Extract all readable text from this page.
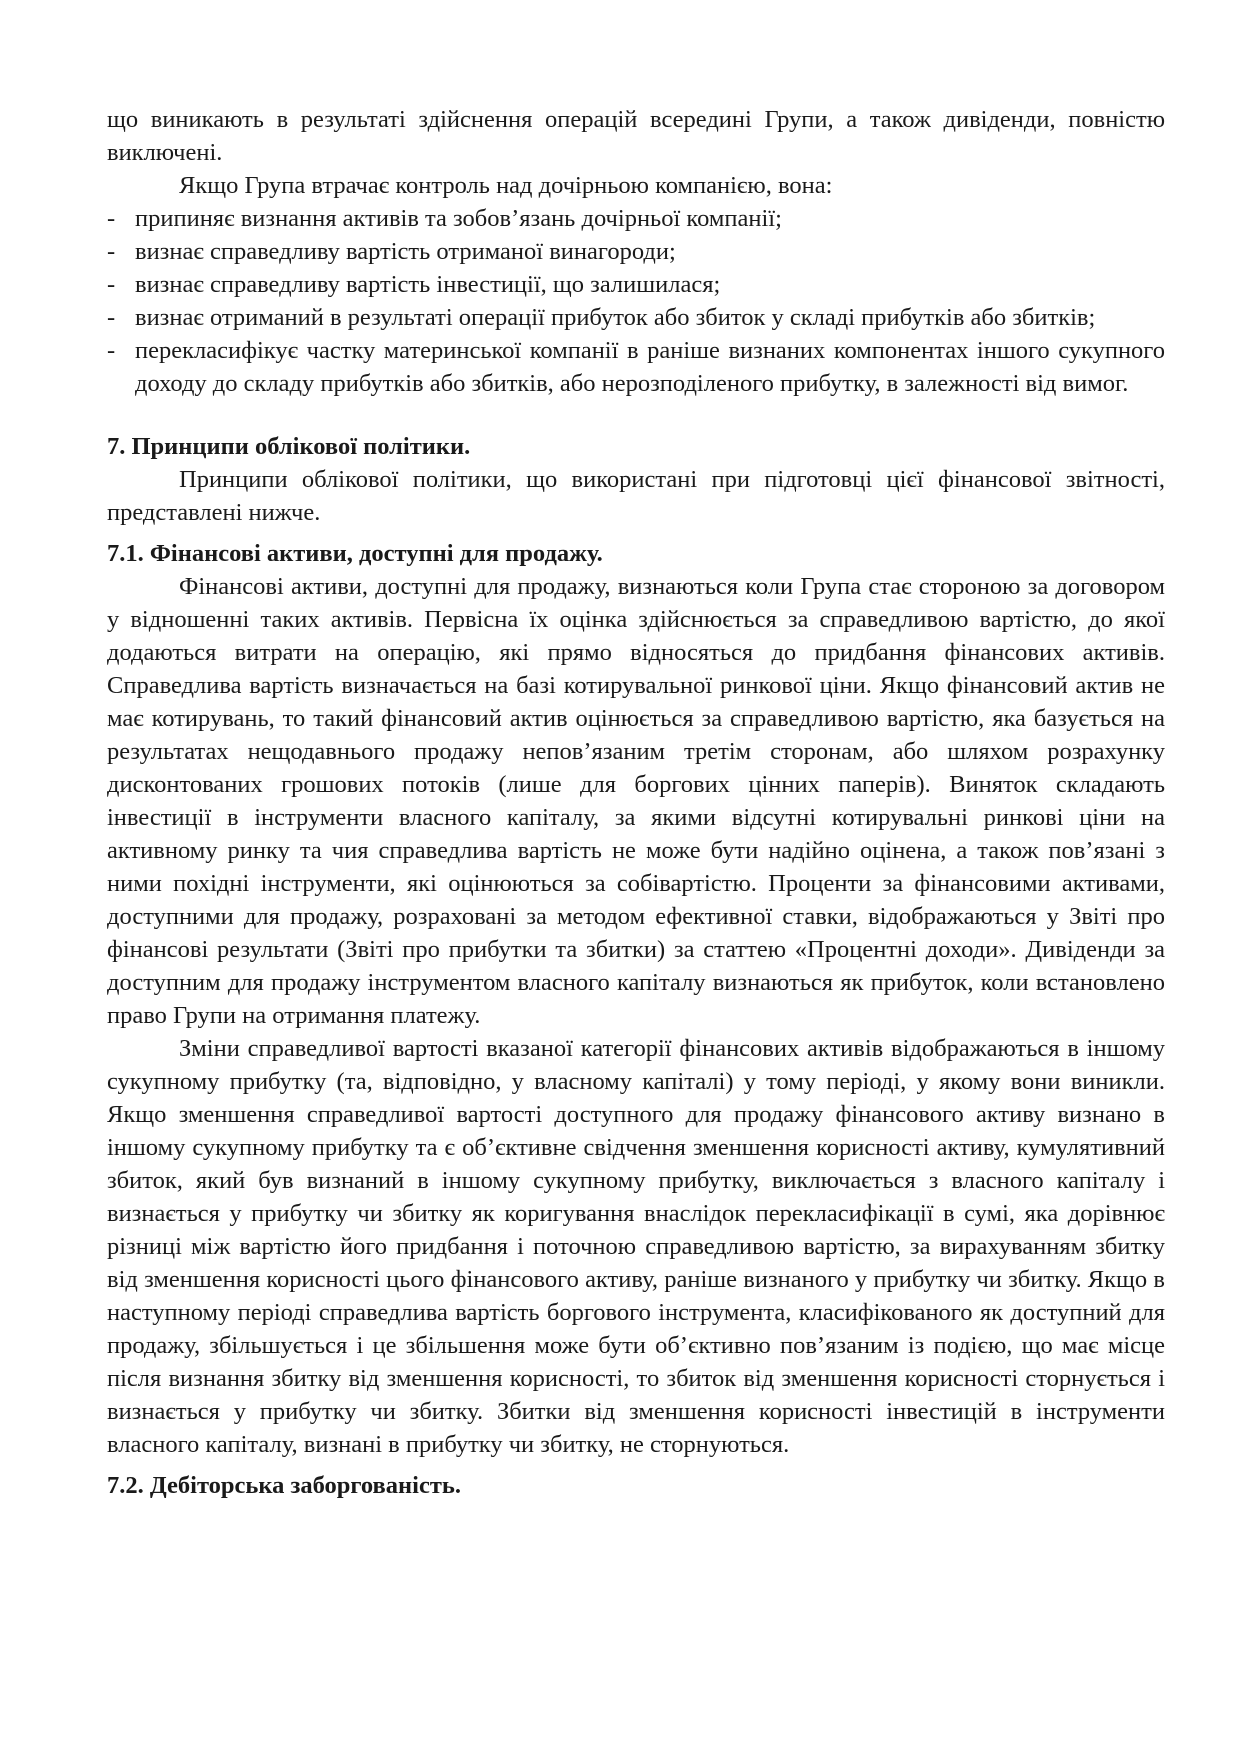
що виникають в результаті здійснення операцій всередині Групи, а також дивіденди, повністю виключені.

Якщо Група втрачає контроль над дочірньою компанією, вона:

- припиняє визнання активів та зобов’язань дочірньої компанії;
- визнає справедливу вартість отриманої винагороди;
- визнає справедливу вартість інвестиції, що залишилася;
- визнає отриманий в результаті операції прибуток або збиток у складі прибутків або збитків;
- перекласифікує частку материнської компанії в раніше визнаних компонентах іншого сукупного доходу до складу прибутків або збитків, або нерозподіленого прибутку, в залежності від вимог.
7. Принципи облікової політики.

Принципи облікової політики, що використані при підготовці цієї фінансової звітності, представлені нижче.

7.1. Фінансові активи, доступні для продажу.

Фінансові активи, доступні для продажу, визнаються коли Група стає стороною за договором у відношенні таких активів. Первісна їх оцінка здійснюється за справедливою вартістю, до якої додаються витрати на операцію, які прямо відносяться до придбання фінансових активів. Справедлива вартість визначається на базі котирувальної ринкової ціни. Якщо фінансовий актив не має котирувань, то такий фінансовий актив оцінюється за справедливою вартістю, яка базується на результатах нещодавнього продажу непов’язаним третім сторонам, або шляхом розрахунку дисконтованих грошових потоків (лише для боргових цінних паперів). Виняток складають інвестиції в інструменти власного капіталу, за якими відсутні котирувальні ринкові ціни на активному ринку та чия справедлива вартість не може бути надійно оцінена, а також пов’язані з ними похідні інструменти, які оцінюються за собівартістю. Проценти за фінансовими активами, доступними для продажу, розраховані за методом ефективної ставки, відображаються у Звіті про фінансові результати (Звіті про прибутки та збитки) за статтею «Процентні доходи». Дивіденди за доступним для продажу інструментом власного капіталу визнаються як прибуток, коли встановлено право Групи на отримання платежу.

Зміни справедливої вартості вказаної категорії фінансових активів відображаються в іншому сукупному прибутку (та, відповідно, у власному капіталі) у тому періоді, у якому вони виникли. Якщо зменшення справедливої вартості доступного для продажу фінансового активу визнано в іншому сукупному прибутку та є об’єктивне свідчення зменшення корисності активу, кумулятивний збиток, який був визнаний в іншому сукупному прибутку, виключається з власного капіталу і визнається у прибутку чи збитку як коригування внаслідок перекласифікації в сумі, яка дорівнює різниці між вартістю його придбання і поточною справедливою вартістю, за вирахуванням збитку від зменшення корисності цього фінансового активу, раніше визнаного у прибутку чи збитку. Якщо в наступному періоді справедлива вартість боргового інструмента, класифікованого як доступний для продажу, збільшується і це збільшення може бути об’єктивно пов’язаним із подією, що має місце після визнання збитку від зменшення корисності, то збиток від зменшення корисності сторнується і визнається у прибутку чи збитку. Збитки від зменшення корисності інвестицій в інструменти власного капіталу, визнані в прибутку чи збитку, не сторнуються.

7.2. Дебіторська заборгованість.
